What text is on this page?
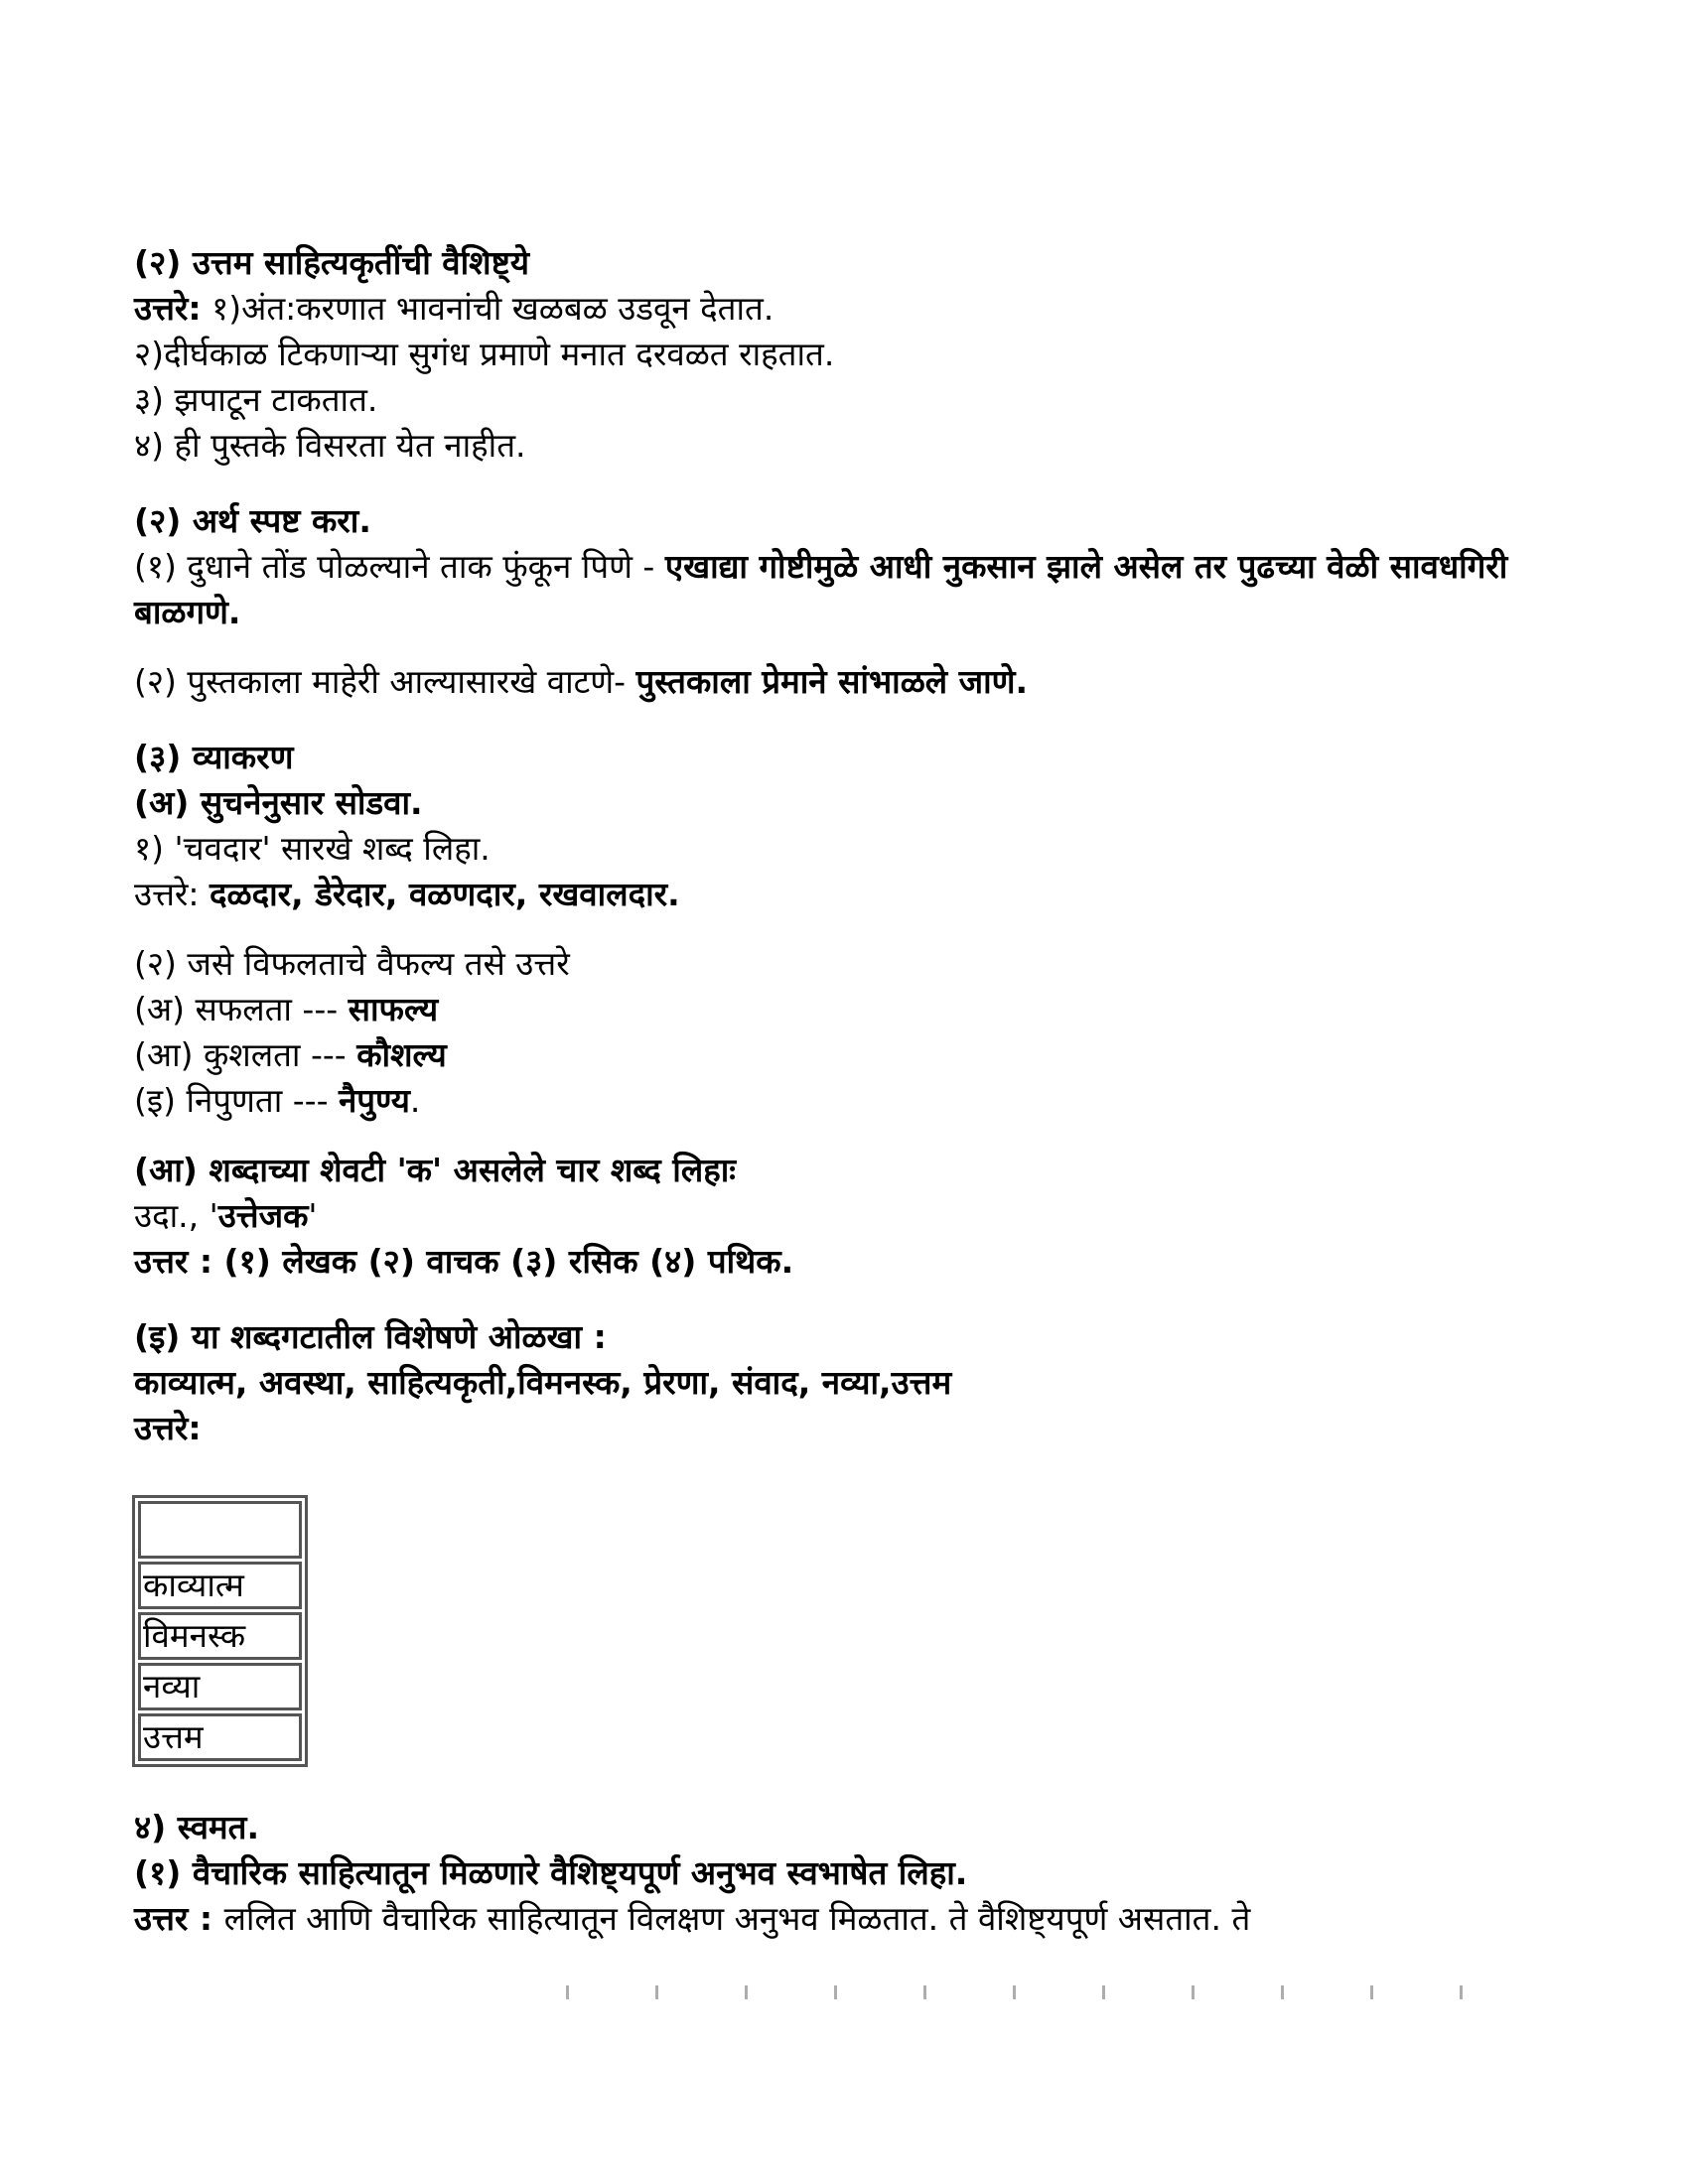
(२) उत्तम साहित्यकृतींची वैशिष्ट्ये
उत्तरे: १)अंत:करणात भावनांची खळबळ उडवून देतात.
२)दीर्घकाळ टिकणाऱ्या सुगंध प्रमाणे मनात दरवळत राहतात.
३) झपाटून टाकतात.
४) ही पुस्तके विसरता येत नाहीत.
(२) अर्थ स्पष्ट करा.
(१) दुधाने तोंड पोळल्याने ताक फुंकून पिणे - एखाद्या गोष्टीमुळे आधी नुकसान झाले असेल तर पुढच्या वेळी सावधगिरी बाळगणे.
(२) पुस्तकाला माहेरी आल्यासारखे वाटणे- पुस्तकाला प्रेमाने सांभाळले जाणे.
(३) व्याकरण
(अ) सुचनेनुसार सोडवा.
१) 'चवदार' सारखे शब्द लिहा.
उत्तरे: दळदार, डेरेदार, वळणदार, रखवालदार.
(२) जसे विफलताचे वैफल्य तसे उत्तरे
(अ) सफलता --- साफल्य
(आ) कुशलता --- कौशल्य
(इ) निपुणता --- नैपुण्य.
(आ) शब्दाच्या शेवटी 'क' असलेले चार शब्द लिहाः
उदा., 'उत्तेजक'
उत्तर : (१) लेखक (२) वाचक (३) रसिक (४) पथिक.
(इ) या शब्दगटातील विशेषणे ओळखा :
काव्यात्म, अवस्था, साहित्यकृती,विमनस्क, प्रेरणा, संवाद, नव्या,उत्तम
उत्तरे:

काव्यात्म
विमनस्क
नव्या
उत्तम
४) स्वमत.
(१) वैचारिक साहित्यातून मिळणारे वैशिष्ट्यपूर्ण अनुभव स्वभाषेत लिहा.
उत्तर : ललित आणि वैचारिक साहित्यातून विलक्षण अनुभव मिळतात. ते वैशिष्ट्यपूर्ण असतात. ते
